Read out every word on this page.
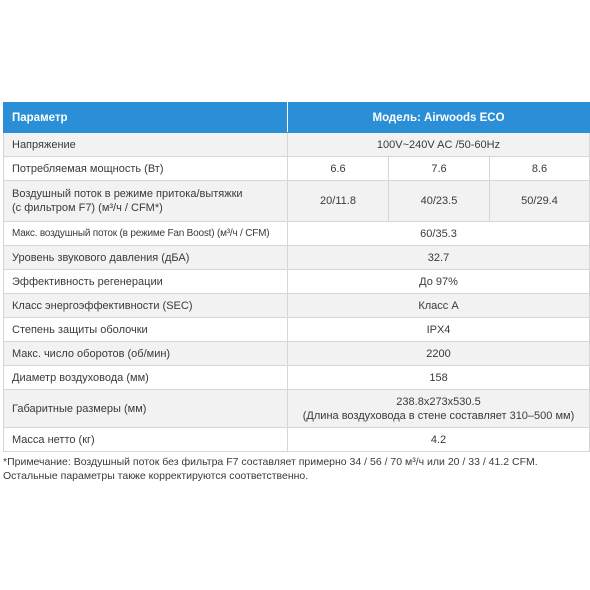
Параметр	Модель: Airwoods ECO		
Напряжение	100V~240V AC /50-60Hz		
Потребляемая мощность (Вт)	6.6	7.6	8.6

Воздушный поток в режиме притока/вытяжки
(с фильтром F7) (м³/ч / CFM*)	20/11.8	40/23.5	50/29.4
Макс. воздушный поток (в режиме Fan Boost) (м³/ч / CFM)	60/35.3		
Уровень звукового давления (дБА)	32.7		
Эффективность регенерации	До 97%		
Класс энергоэффективности (SEC)	Класс А		
Степень защиты оболочки	IPX4		
Макс. число оборотов (об/мин)	2200		
Диаметр воздуховода (мм)	158		
Габаритные размеры (мм)	238.8x273x530.5
(Длина воздуховода в стене составляет 310–500 мм)		

Масса нетто (кг)	4.2		
*Примечание: Воздушный поток без фильтра F7 составляет примерно 34 / 56 / 70 м³/ч или 20 / 33 / 41.2 CFM.
Остальные параметры также корректируются соответственно.
